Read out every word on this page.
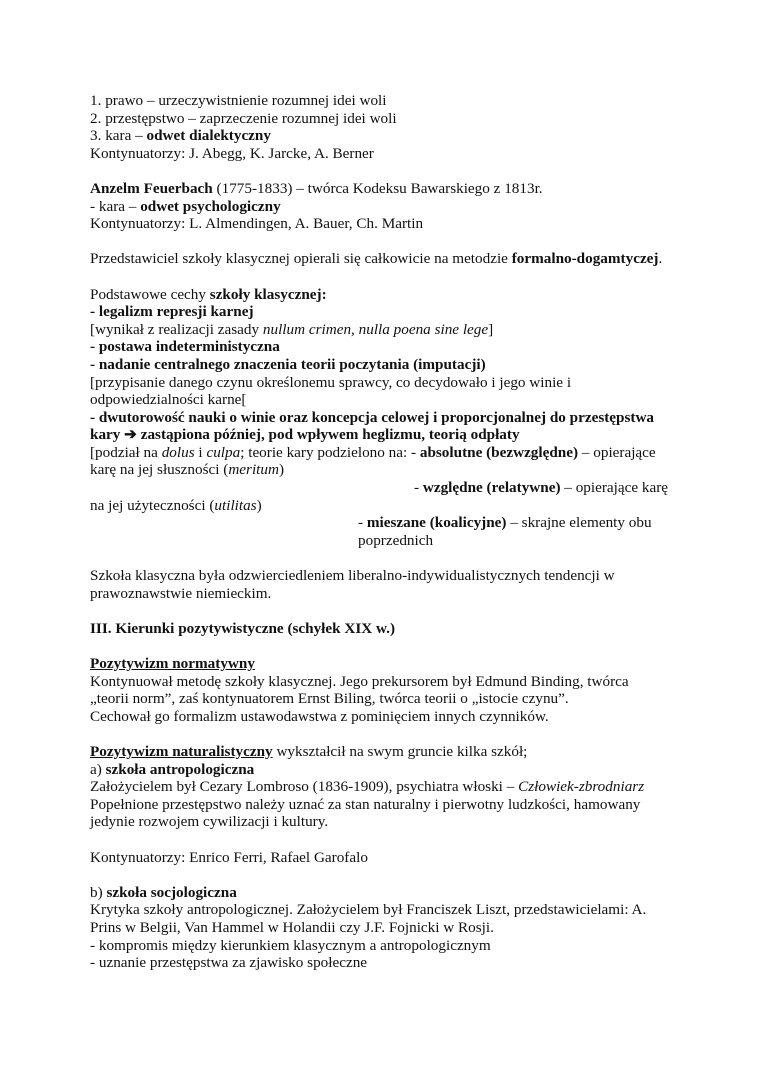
1. prawo – urzeczywistnienie rozumnej idei woli
2. przestępstwo – zaprzeczenie rozumnej idei woli
3. kara – odwet dialektyczny
Kontynuatorzy: J. Abegg, K. Jarcke, A. Berner
Anzelm Feuerbach (1775-1833) – twórca Kodeksu Bawarskiego z 1813r.
- kara – odwet psychologiczny
Kontynuatorzy: L. Almendingen, A. Bauer, Ch. Martin
Przedstawiciel szkoły klasycznej opierali się całkowicie na metodzie formalno-dogamtyczej.
Podstawowe cechy szkoły klasycznej:
- legalizm represji karnej
[wynikał z realizacji zasady nullum crimen, nulla poena sine lege]
- postawa indeterministyczna
- nadanie centralnego znaczenia teorii poczytania (imputacji)
[przypisanie danego czynu określonemu sprawcy, co decydowało i jego winie i
odpowiedzialności karne[
- dwutorowość nauki o winie oraz koncepcja celowej i proporcjonalnej do przestępstwa
kary ➔ zastąpiona później, pod wpływem heglizmu, teorią odpłaty
[podział na dolus i culpa; teorie kary podzielono na: - absolutne (bezwzględne) – opierające
karę na jej słuszności (meritum)
- względne (relatywne) – opierające karę
na jej użyteczności (utilitas)
- mieszane (koalicyjne) – skrajne elementy obu
poprzednich
Szkoła klasyczna była odzwierciedleniem liberalno-indywidualistycznych tendencji w
prawoznawstwie niemieckim.
III. Kierunki pozytywistyczne (schyłek XIX w.)
Pozytywizm normatywny
Kontynuował metodę szkoły klasycznej. Jego prekursorem był Edmund Binding, twórca
„teorii norm”, zaś kontynuatorem Ernst Biling, twórca teorii o „istocie czynu”.
Cechował go formalizm ustawodawstwa z pominięciem innych czynników.
Pozytywizm naturalistyczny wykształcił na swym gruncie kilka szkół;
a) szkoła antropologiczna
Założycielem był Cezary Lombroso (1836-1909), psychiatra włoski – Człowiek-zbrodniarz
Popełnione przestępstwo należy uznać za stan naturalny i pierwotny ludzkości, hamowany
jedynie rozwojem cywilizacji i kultury.
Kontynuatorzy: Enrico Ferri, Rafael Garofalo
b) szkoła socjologiczna
Krytyka szkoły antropologicznej. Założycielem był Franciszek Liszt, przedstawicielami: A.
Prins w Belgii, Van Hammel w Holandii czy J.F. Fojnicki w Rosji.
- kompromis między kierunkiem klasycznym a antropologicznym
- uznanie przestępstwa za zjawisko społeczne
